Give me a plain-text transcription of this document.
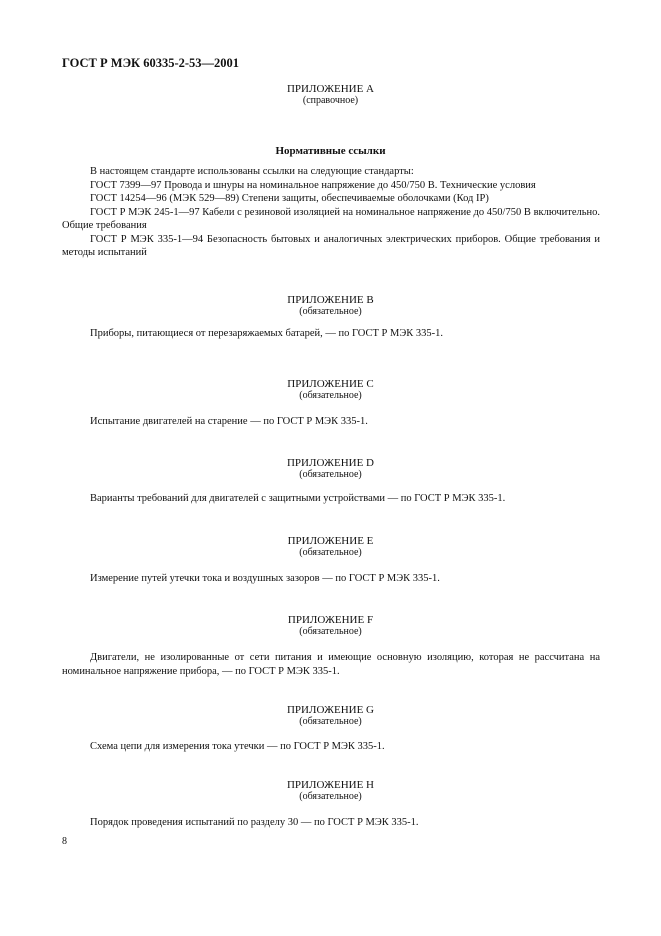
ГОСТ Р МЭК 60335-2-53—2001
ПРИЛОЖЕНИЕ А
(справочное)
Нормативные ссылки
В настоящем стандарте использованы ссылки на следующие стандарты:
ГОСТ 7399—97 Провода и шнуры на номинальное напряжение до 450/750 В. Технические условия
ГОСТ 14254—96 (МЭК 529—89) Степени защиты, обеспечиваемые оболочками (Код IP)
ГОСТ Р МЭК 245-1—97 Кабели с резиновой изоляцией на номинальное напряжение до 450/750 В включительно. Общие требования
ГОСТ Р МЭК 335-1—94 Безопасность бытовых и аналогичных электрических приборов. Общие требования и методы испытаний
ПРИЛОЖЕНИЕ В
(обязательное)
Приборы, питающиеся от перезаряжаемых батарей, — по ГОСТ Р МЭК 335-1.
ПРИЛОЖЕНИЕ С
(обязательное)
Испытание двигателей на старение — по ГОСТ Р МЭК 335-1.
ПРИЛОЖЕНИЕ D
(обязательное)
Варианты требований для двигателей с защитными устройствами — по ГОСТ Р МЭК 335-1.
ПРИЛОЖЕНИЕ E
(обязательное)
Измерение путей утечки тока и воздушных зазоров — по ГОСТ Р МЭК 335-1.
ПРИЛОЖЕНИЕ F
(обязательное)
Двигатели, не изолированные от сети питания и имеющие основную изоляцию, которая не рассчитана на номинальное напряжение прибора, — по ГОСТ Р МЭК 335-1.
ПРИЛОЖЕНИЕ G
(обязательное)
Схема цепи для измерения тока утечки — по ГОСТ Р МЭК 335-1.
ПРИЛОЖЕНИЕ H
(обязательное)
Порядок проведения испытаний по разделу 30 — по ГОСТ Р МЭК 335-1.
8
